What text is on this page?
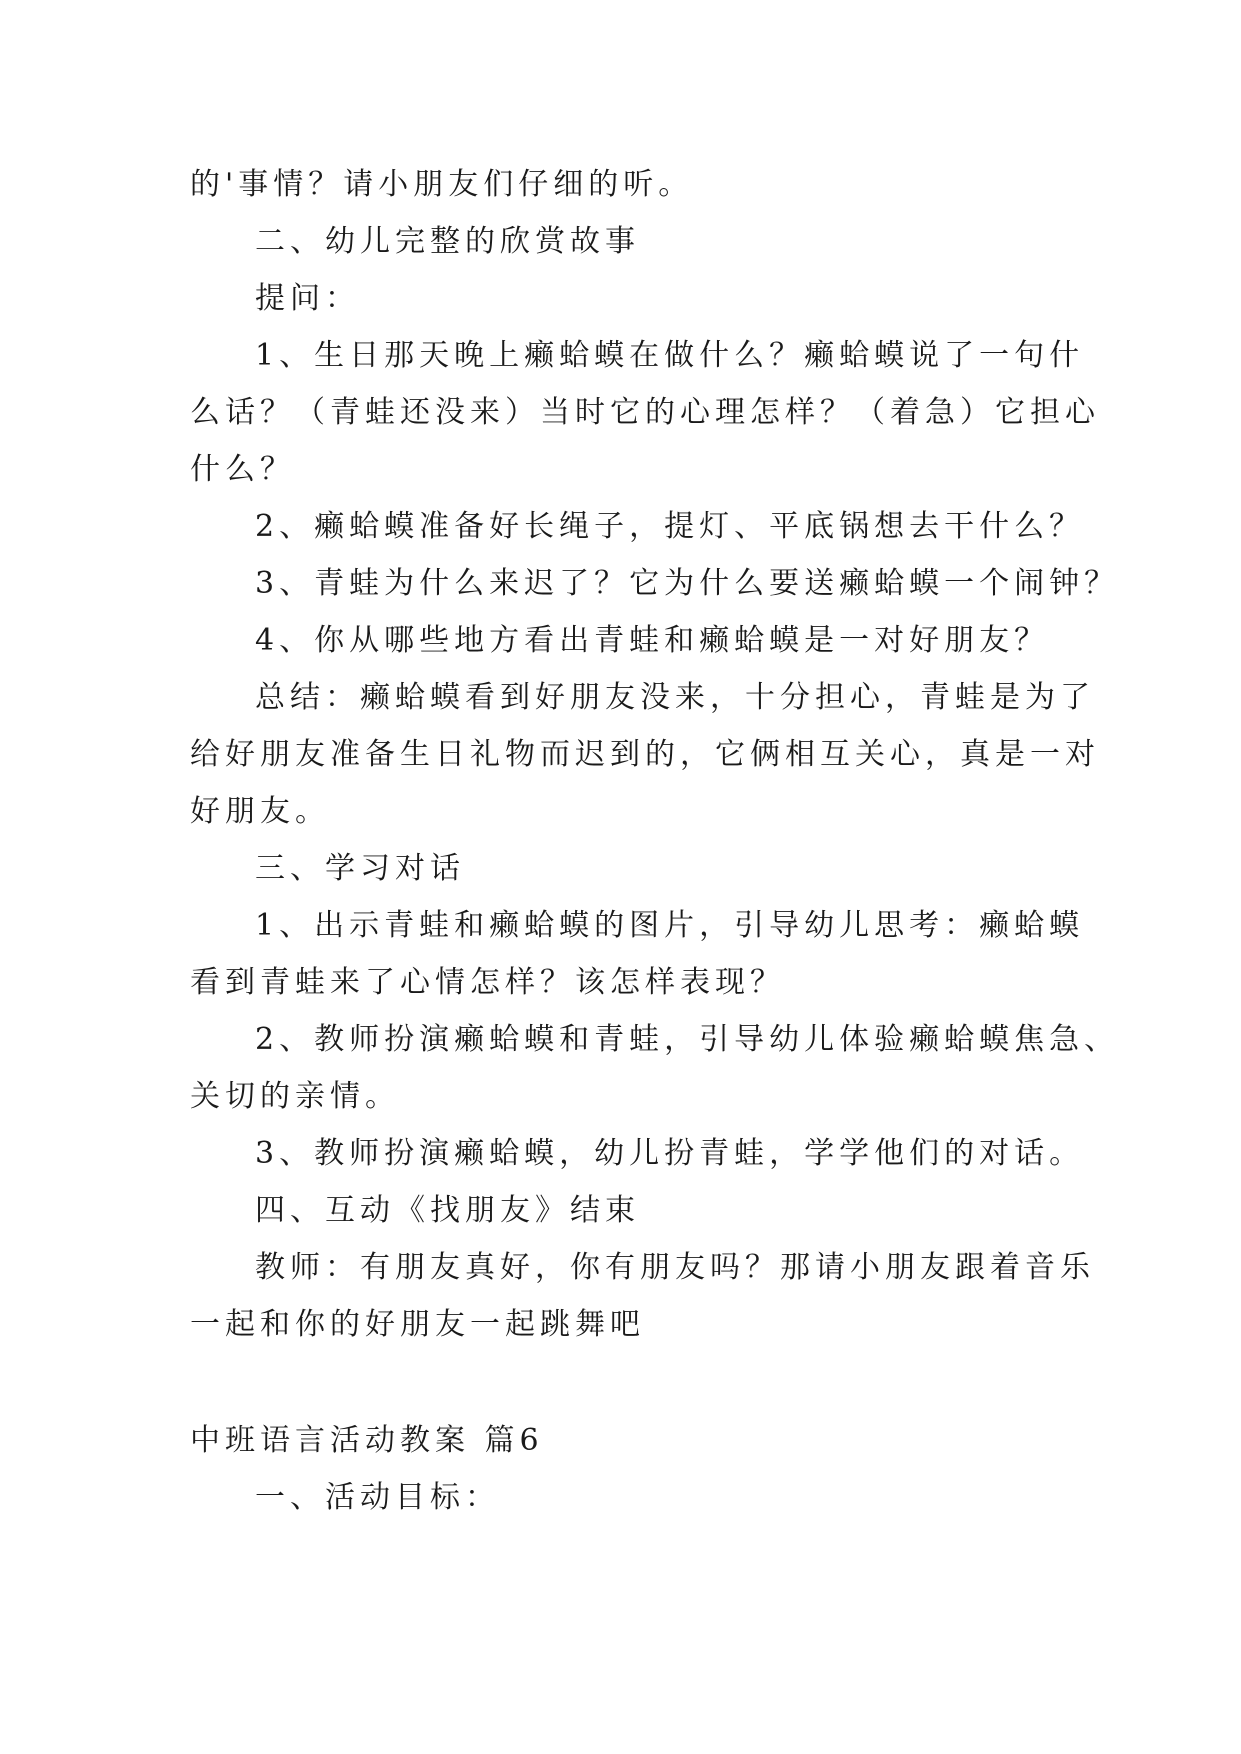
的'事情？请小朋友们仔细的听。
二、幼儿完整的欣赏故事
提问：
1、生日那天晚上癞蛤蟆在做什么？癞蛤蟆说了一句什
么话？（青蛙还没来）当时它的心理怎样？（着急）它担心
什么？
2、癞蛤蟆准备好长绳子，提灯、平底锅想去干什么？
3、青蛙为什么来迟了？它为什么要送癞蛤蟆一个闹钟？
4、你从哪些地方看出青蛙和癞蛤蟆是一对好朋友？
总结：癞蛤蟆看到好朋友没来，十分担心，青蛙是为了
给好朋友准备生日礼物而迟到的，它俩相互关心，真是一对
好朋友。
三、学习对话
1、出示青蛙和癞蛤蟆的图片，引导幼儿思考：癞蛤蟆
看到青蛙来了心情怎样？该怎样表现？
2、教师扮演癞蛤蟆和青蛙，引导幼儿体验癞蛤蟆焦急、
关切的亲情。
3、教师扮演癞蛤蟆，幼儿扮青蛙，学学他们的对话。
四、互动《找朋友》结束
教师：有朋友真好，你有朋友吗？那请小朋友跟着音乐
一起和你的好朋友一起跳舞吧
中班语言活动教案 篇6
一、活动目标：
